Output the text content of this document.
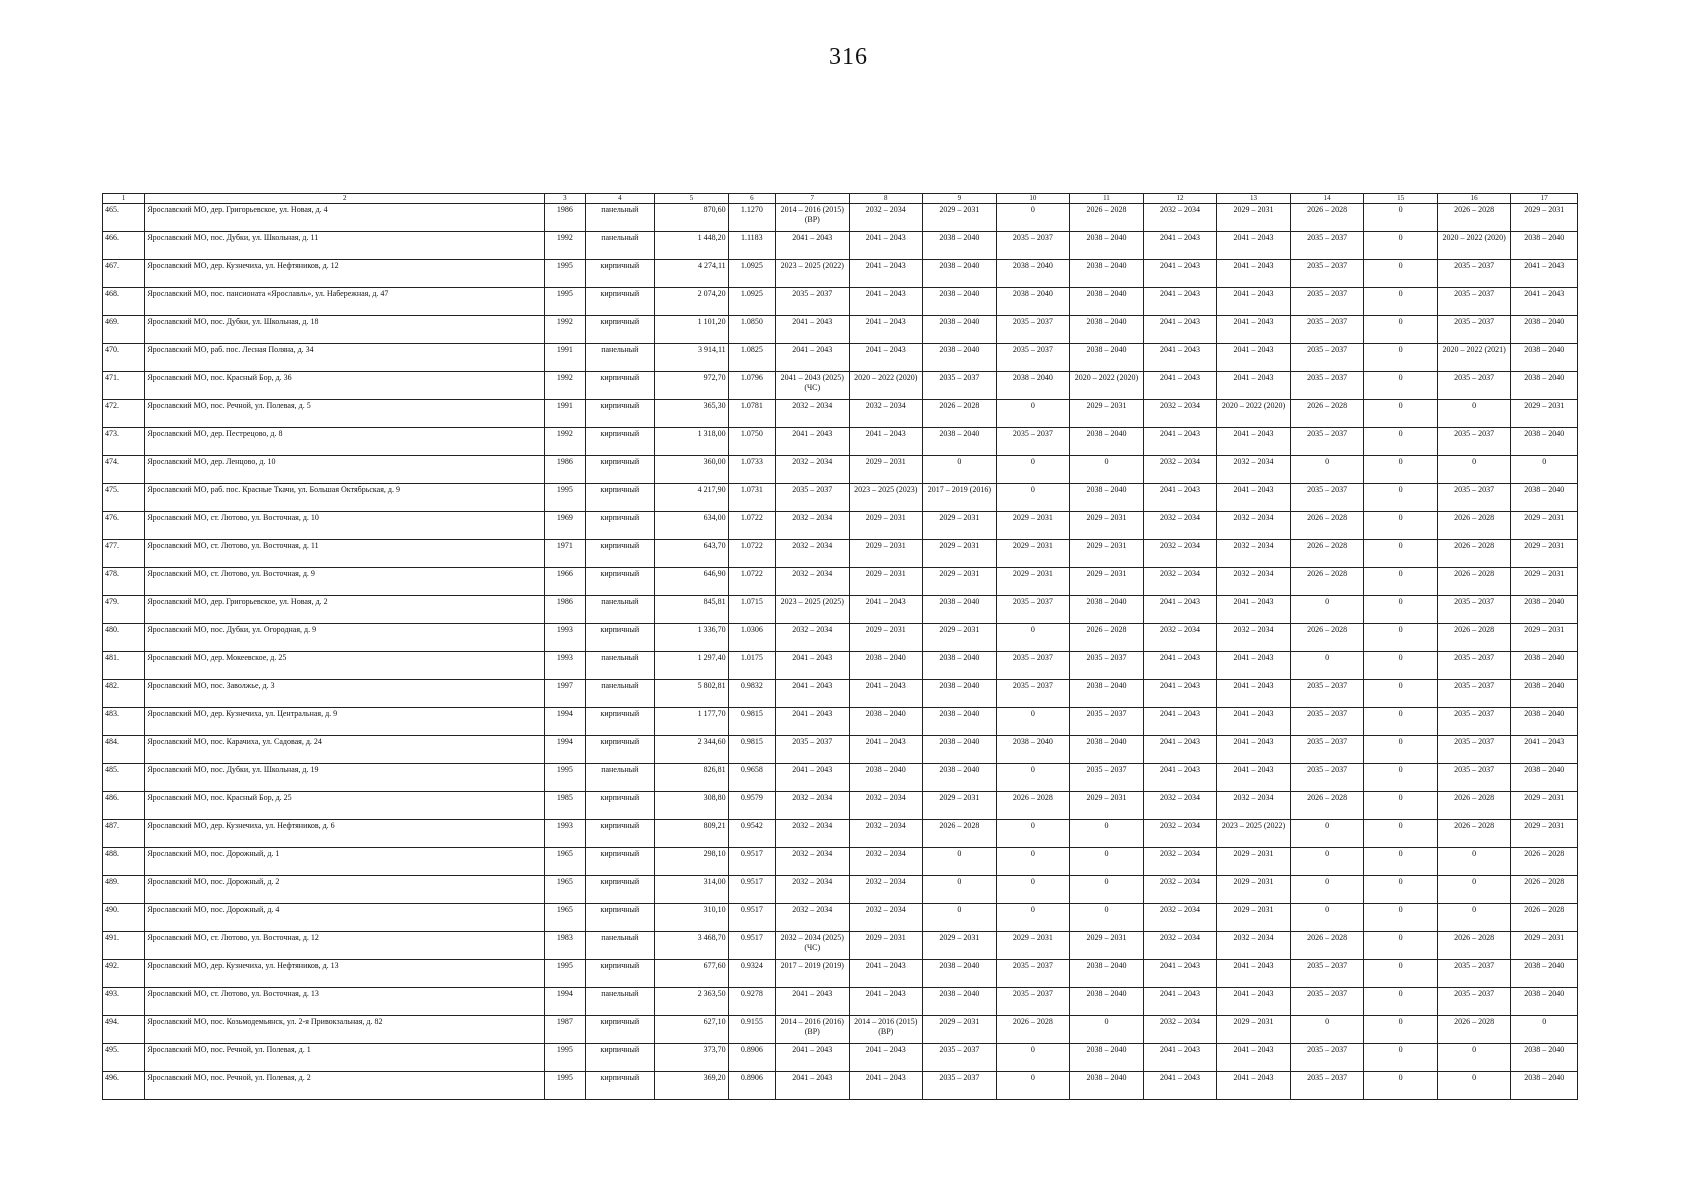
316
1	2	3	4	5	6	7	8	9	10	11	12	13	14	15	16	17
465.	Ярославский МО, дер. Григорьевское, ул. Новая, д. 4	1986	панельный	870,60	1.1270	2014 – 2016 (2015) (ВР)	2032 – 2034	2029 – 2031	0	2026 – 2028	2032 – 2034	2029 – 2031	2026 – 2028	0	2026 – 2028	2029 – 2031
466.	Ярославский МО, пос. Дубки, ул. Школьная, д. 11	1992	панельный	1 448,20	1.1183	2041 – 2043	2041 – 2043	2038 – 2040	2035 – 2037	2038 – 2040	2041 – 2043	2041 – 2043	2035 – 2037	0	2020 – 2022 (2020)	2038 – 2040
467.	Ярославский МО, дер. Кузнечиха, ул. Нефтяников, д. 12	1995	кирпичный	4 274,11	1.0925	2023 – 2025 (2022)	2041 – 2043	2038 – 2040	2038 – 2040	2038 – 2040	2041 – 2043	2041 – 2043	2035 – 2037	0	2035 – 2037	2041 – 2043
468.	Ярославский МО, пос. пансионата «Ярославль», ул. Набережная, д. 47	1995	кирпичный	2 074,20	1.0925	2035 – 2037	2041 – 2043	2038 – 2040	2038 – 2040	2038 – 2040	2041 – 2043	2041 – 2043	2035 – 2037	0	2035 – 2037	2041 – 2043
469.	Ярославский МО, пос. Дубки, ул. Школьная, д. 18	1992	кирпичный	1 101,20	1.0850	2041 – 2043	2041 – 2043	2038 – 2040	2035 – 2037	2038 – 2040	2041 – 2043	2041 – 2043	2035 – 2037	0	2035 – 2037	2038 – 2040
470.	Ярославский МО, раб. пос. Лесная Поляна, д. 34	1991	панельный	3 914,11	1.0825	2041 – 2043	2041 – 2043	2038 – 2040	2035 – 2037	2038 – 2040	2041 – 2043	2041 – 2043	2035 – 2037	0	2020 – 2022 (2021)	2038 – 2040
471.	Ярославский МО, пос. Красный Бор, д. 36	1992	кирпичный	972,70	1.0796	2041 – 2043 (2025) (ЧС)	2020 – 2022 (2020)	2035 – 2037	2038 – 2040	2020 – 2022 (2020)	2041 – 2043	2041 – 2043	2035 – 2037	0	2035 – 2037	2038 – 2040
472.	Ярославский МО, пос. Речной, ул. Полевая, д. 5	1991	кирпичный	365,30	1.0781	2032 – 2034	2032 – 2034	2026 – 2028	0	2029 – 2031	2032 – 2034	2020 – 2022 (2020)	2026 – 2028	0	0	2029 – 2031
473.	Ярославский МО, дер. Пестрецово, д. 8	1992	кирпичный	1 318,00	1.0750	2041 – 2043	2041 – 2043	2038 – 2040	2035 – 2037	2038 – 2040	2041 – 2043	2041 – 2043	2035 – 2037	0	2035 – 2037	2038 – 2040
474.	Ярославский МО, дер. Ленцово, д. 10	1986	кирпичный	360,00	1.0733	2032 – 2034	2029 – 2031	0	0	0	2032 – 2034	2032 – 2034	0	0	0	0
475.	Ярославский МО, раб. пос. Красные Ткачи, ул. Большая Октябрьская, д. 9	1995	кирпичный	4 217,90	1.0731	2035 – 2037	2023 – 2025 (2023)	2017 – 2019 (2016)	0	2038 – 2040	2041 – 2043	2041 – 2043	2035 – 2037	0	2035 – 2037	2038 – 2040
476.	Ярославский МО, ст. Лютово, ул. Восточная, д. 10	1969	кирпичный	634,00	1.0722	2032 – 2034	2029 – 2031	2029 – 2031	2029 – 2031	2029 – 2031	2032 – 2034	2032 – 2034	2026 – 2028	0	2026 – 2028	2029 – 2031
477.	Ярославский МО, ст. Лютово, ул. Восточная, д. 11	1971	кирпичный	643,70	1.0722	2032 – 2034	2029 – 2031	2029 – 2031	2029 – 2031	2029 – 2031	2032 – 2034	2032 – 2034	2026 – 2028	0	2026 – 2028	2029 – 2031
478.	Ярославский МО, ст. Лютово, ул. Восточная, д. 9	1966	кирпичный	646,90	1.0722	2032 – 2034	2029 – 2031	2029 – 2031	2029 – 2031	2029 – 2031	2032 – 2034	2032 – 2034	2026 – 2028	0	2026 – 2028	2029 – 2031
479.	Ярославский МО, дер. Григорьевское, ул. Новая, д. 2	1986	панельный	845,81	1.0715	2023 – 2025 (2025)	2041 – 2043	2038 – 2040	2035 – 2037	2038 – 2040	2041 – 2043	2041 – 2043	0	0	2035 – 2037	2038 – 2040
480.	Ярославский МО, пос. Дубки, ул. Огородная, д. 9	1993	кирпичный	1 336,70	1.0306	2032 – 2034	2029 – 2031	2029 – 2031	0	2026 – 2028	2032 – 2034	2032 – 2034	2026 – 2028	0	2026 – 2028	2029 – 2031
481.	Ярославский МО, дер. Мокеевское, д. 25	1993	панельный	1 297,40	1.0175	2041 – 2043	2038 – 2040	2038 – 2040	2035 – 2037	2035 – 2037	2041 – 2043	2041 – 2043	0	0	2035 – 2037	2038 – 2040
482.	Ярославский МО, пос. Заволжье, д. 3	1997	панельный	5 802,81	0.9832	2041 – 2043	2041 – 2043	2038 – 2040	2035 – 2037	2038 – 2040	2041 – 2043	2041 – 2043	2035 – 2037	0	2035 – 2037	2038 – 2040
483.	Ярославский МО, дер. Кузнечиха, ул. Центральная, д. 9	1994	кирпичный	1 177,70	0.9815	2041 – 2043	2038 – 2040	2038 – 2040	0	2035 – 2037	2041 – 2043	2041 – 2043	2035 – 2037	0	2035 – 2037	2038 – 2040
484.	Ярославский МО, пос. Карачиха, ул. Садовая, д. 24	1994	кирпичный	2 344,60	0.9815	2035 – 2037	2041 – 2043	2038 – 2040	2038 – 2040	2038 – 2040	2041 – 2043	2041 – 2043	2035 – 2037	0	2035 – 2037	2041 – 2043
485.	Ярославский МО, пос. Дубки, ул. Школьная, д. 19	1995	панельный	826,81	0.9658	2041 – 2043	2038 – 2040	2038 – 2040	0	2035 – 2037	2041 – 2043	2041 – 2043	2035 – 2037	0	2035 – 2037	2038 – 2040
486.	Ярославский МО, пос. Красный Бор, д. 25	1985	кирпичный	308,80	0.9579	2032 – 2034	2032 – 2034	2029 – 2031	2026 – 2028	2029 – 2031	2032 – 2034	2032 – 2034	2026 – 2028	0	2026 – 2028	2029 – 2031
487.	Ярославский МО, дер. Кузнечиха, ул. Нефтяников, д. 6	1993	кирпичный	809,21	0.9542	2032 – 2034	2032 – 2034	2026 – 2028	0	0	2032 – 2034	2023 – 2025 (2022)	0	0	2026 – 2028	2029 – 2031
488.	Ярославский МО, пос. Дорожный, д. 1	1965	кирпичный	298,10	0.9517	2032 – 2034	2032 – 2034	0	0	0	2032 – 2034	2029 – 2031	0	0	0	2026 – 2028
489.	Ярославский МО, пос. Дорожный, д. 2	1965	кирпичный	314,00	0.9517	2032 – 2034	2032 – 2034	0	0	0	2032 – 2034	2029 – 2031	0	0	0	2026 – 2028
490.	Ярославский МО, пос. Дорожный, д. 4	1965	кирпичный	310,10	0.9517	2032 – 2034	2032 – 2034	0	0	0	2032 – 2034	2029 – 2031	0	0	0	2026 – 2028
491.	Ярославский МО, ст. Лютово, ул. Восточная, д. 12	1983	панельный	3 468,70	0.9517	2032 – 2034 (2025) (ЧС)	2029 – 2031	2029 – 2031	2029 – 2031	2029 – 2031	2032 – 2034	2032 – 2034	2026 – 2028	0	2026 – 2028	2029 – 2031
492.	Ярославский МО, дер. Кузнечиха, ул. Нефтяников, д. 13	1995	кирпичный	677,60	0.9324	2017 – 2019 (2019)	2041 – 2043	2038 – 2040	2035 – 2037	2038 – 2040	2041 – 2043	2041 – 2043	2035 – 2037	0	2035 – 2037	2038 – 2040
493.	Ярославский МО, ст. Лютово, ул. Восточная, д. 13	1994	панельный	2 363,50	0.9278	2041 – 2043	2041 – 2043	2038 – 2040	2035 – 2037	2038 – 2040	2041 – 2043	2041 – 2043	2035 – 2037	0	2035 – 2037	2038 – 2040
494.	Ярославский МО, пос. Козьмодемьянск, ул. 2-я Привокзальная, д. 82	1987	кирпичный	627,10	0.9155	2014 – 2016 (2016) (ВР)	2014 – 2016 (2015) (ВР)	2029 – 2031	2026 – 2028	0	2032 – 2034	2029 – 2031	0	0	2026 – 2028	0
495.	Ярославский МО, пос. Речной, ул. Полевая, д. 1	1995	кирпичный	373,70	0.8906	2041 – 2043	2041 – 2043	2035 – 2037	0	2038 – 2040	2041 – 2043	2041 – 2043	2035 – 2037	0	0	2038 – 2040
496.	Ярославский МО, пос. Речной, ул. Полевая, д. 2	1995	кирпичный	369,20	0.8906	2041 – 2043	2041 – 2043	2035 – 2037	0	2038 – 2040	2041 – 2043	2041 – 2043	2035 – 2037	0	0	2038 – 2040
